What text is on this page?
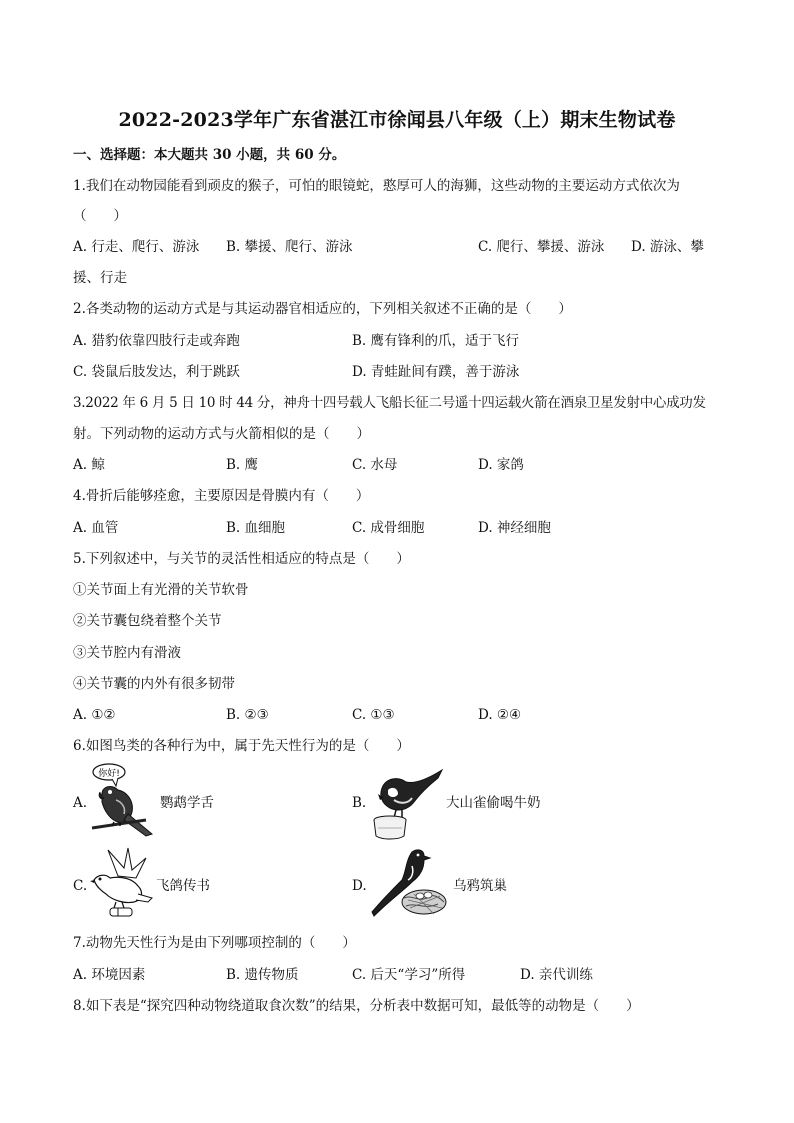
2022-2023学年广东省湛江市徐闻县八年级（上）期末生物试卷
一、选择题：本大题共 30 小题，共 60 分。
1.我们在动物园能看到顽皮的猴子，可怕的眼镜蛇，憨厚可人的海狮，这些动物的主要运动方式依次为
（　　）
A. 行走、爬行、游泳 B. 攀援、爬行、游泳	C. 爬行、攀援、游泳 D. 游泳、攀
援、行走
2.各类动物的运动方式是与其运动器官相适应的，下列相关叙述不正确的是（　　）
A. 猎豹依靠四肢行走或奔跑	B. 鹰有锋利的爪，适于飞行
C. 袋鼠后肢发达，利于跳跃	D. 青蛙趾间有蹼，善于游泳
3.2022 年 6 月 5 日 10 时 44 分，神舟十四号载人飞船长征二号遥十四运载火箭在酒泉卫星发射中心成功发
射。下列动物的运动方式与火箭相似的是（　　）
A. 鲸	B. 鹰	C. 水母	D. 家鸽
4.骨折后能够痊愈，主要原因是骨膜内有（　　）
A. 血管	B. 血细胞	C. 成骨细胞	D. 神经细胞
5.下列叙述中，与关节的灵活性相适应的特点是（　　）
①关节面上有光滑的关节软骨
②关节囊包绕着整个关节
③关节腔内有滑液
④关节囊的内外有很多韧带
A. ①②	B. ②③	C. ①③	D. ②④
6.如图鸟类的各种行为中，属于先天性行为的是（　　）
A.
你好!
鹦鹉学舌	B.	大山雀偷喝牛奶
C.	飞鸽传书	D.	乌鸦筑巢
7.动物先天性行为是由下列哪项控制的（　　）
A. 环境因素	B. 遗传物质	C. 后天“学习”所得	D. 亲代训练
8.如下表是“探究四种动物绕道取食次数”的结果，分析表中数据可知，最低等的动物是（　　）
